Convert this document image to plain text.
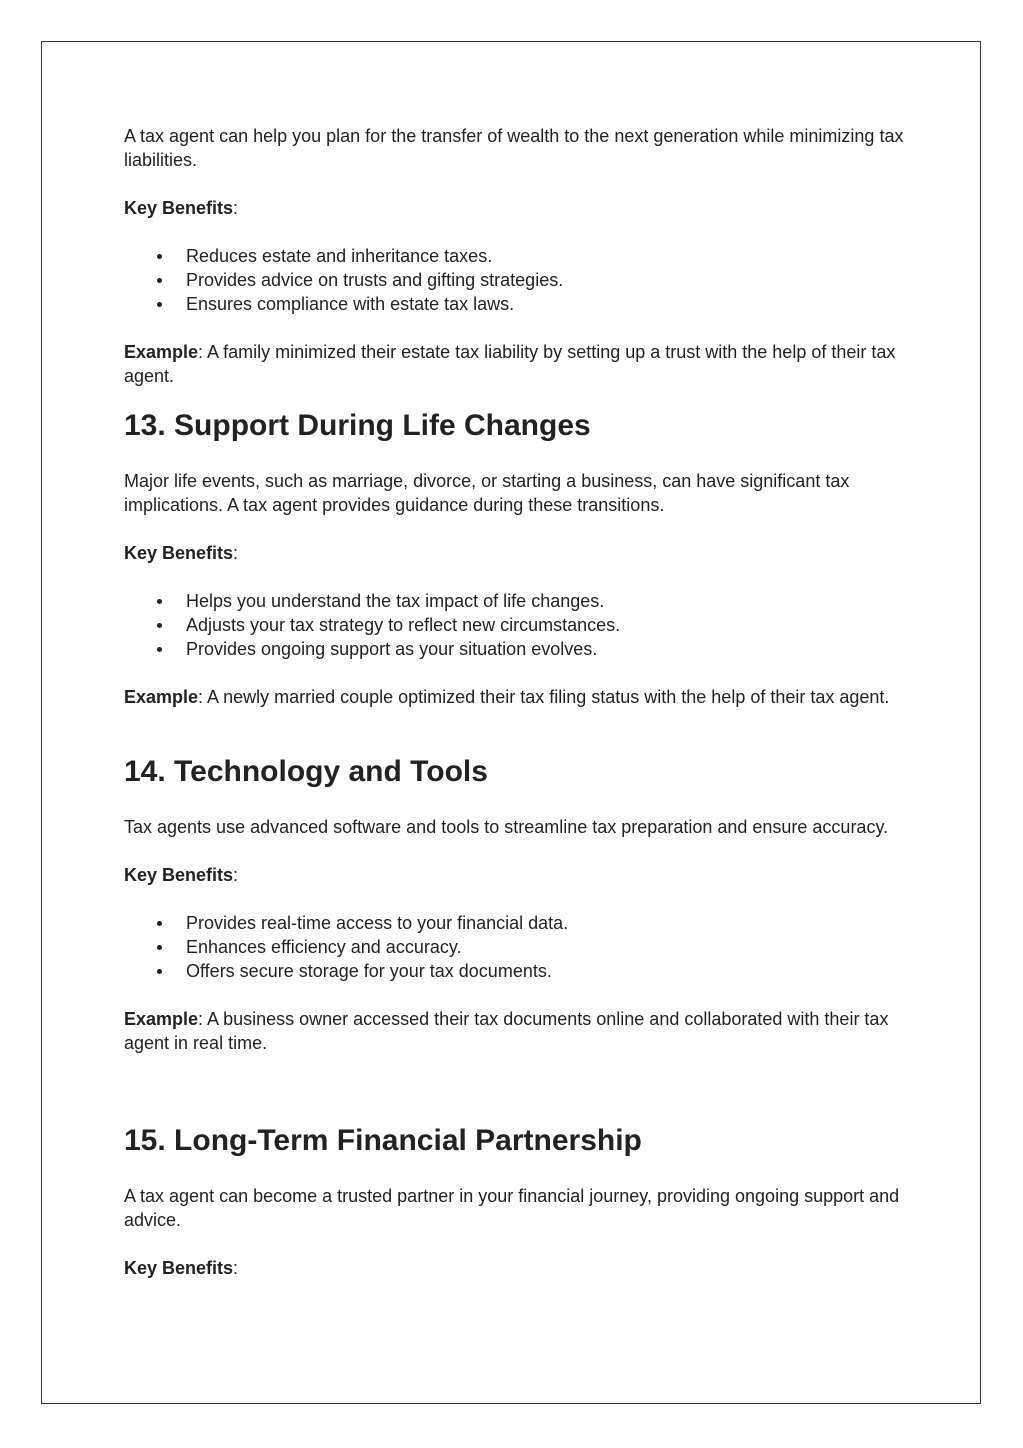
A tax agent can help you plan for the transfer of wealth to the next generation while minimizing tax liabilities.

Key Benefits:

Reduces estate and inheritance taxes.
Provides advice on trusts and gifting strategies.
Ensures compliance with estate tax laws.

Example: A family minimized their estate tax liability by setting up a trust with the help of their tax agent.

13. Support During Life Changes

Major life events, such as marriage, divorce, or starting a business, can have significant tax implications. A tax agent provides guidance during these transitions.

Key Benefits:

Helps you understand the tax impact of life changes.
Adjusts your tax strategy to reflect new circumstances.
Provides ongoing support as your situation evolves.

Example: A newly married couple optimized their tax filing status with the help of their tax agent.

14. Technology and Tools

Tax agents use advanced software and tools to streamline tax preparation and ensure accuracy.

Key Benefits:

Provides real-time access to your financial data.
Enhances efficiency and accuracy.
Offers secure storage for your tax documents.

Example: A business owner accessed their tax documents online and collaborated with their tax agent in real time.

15. Long-Term Financial Partnership

A tax agent can become a trusted partner in your financial journey, providing ongoing support and advice.

Key Benefits:
